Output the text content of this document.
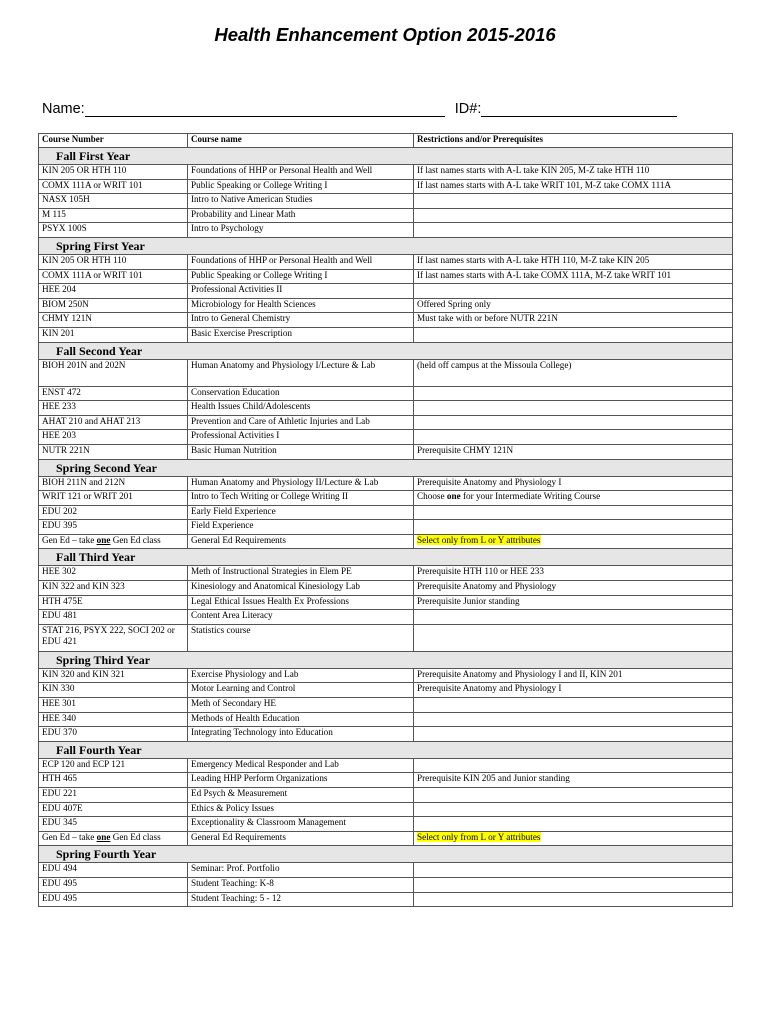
Health Enhancement Option 2015-2016
Name:	ID#:
Course Number	Course name	Restrictions and/or Prerequisites
Fall First Year		
KIN 205 OR HTH 110	Foundations of HHP or Personal Health and Well	If last names starts with A-L take KIN 205, M-Z take HTH 110
COMX 111A or WRIT 101	Public Speaking or College Writing I	If last names starts with A-L take WRIT 101, M-Z take COMX 111A
NASX 105H	Intro to Native American Studies	
M 115	Probability and Linear Math	
PSYX 100S	Intro to Psychology	
Spring First Year		
KIN 205 OR HTH 110	Foundations of HHP or Personal Health and Well	If last names starts with A-L take HTH 110, M-Z take KIN 205
COMX 111A or WRIT 101	Public Speaking or College Writing I	If last names starts with A-L take COMX 111A, M-Z take WRIT 101
HEE 204	Professional Activities II	
BIOM 250N	Microbiology for Health Sciences	Offered Spring only
CHMY 121N	Intro to General Chemistry	Must take with or before NUTR 221N
KIN 201	Basic Exercise Prescription	
Fall Second Year		
BIOH 201N and 202N	Human Anatomy and Physiology I/Lecture & Lab	(held off campus at the Missoula College)
ENST 472	Conservation Education	
HEE 233	Health Issues Child/Adolescents	
AHAT 210 and AHAT 213	Prevention and Care of Athletic Injuries and Lab	
HEE 203	Professional Activities I	
NUTR 221N	Basic Human Nutrition	Prerequisite CHMY 121N
Spring Second Year		
BIOH 211N and 212N	Human Anatomy and Physiology II/Lecture & Lab	Prerequisite Anatomy and Physiology I
WRIT 121 or WRIT 201	Intro to Tech Writing or College Writing II	Choose one for your Intermediate Writing Course
EDU 202	Early Field Experience	
EDU 395	Field Experience	
Gen Ed – take one Gen Ed class	General Ed Requirements	Select only from L or Y attributes
Fall Third Year		
HEE 302	Meth of Instructional Strategies in Elem PE	Prerequisite HTH 110 or HEE 233
KIN 322 and KIN 323	Kinesiology and Anatomical Kinesiology Lab	Prerequisite Anatomy and Physiology
HTH 475E	Legal Ethical Issues Health Ex Professions	Prerequisite Junior standing
EDU 481	Content Area Literacy	
STAT 216, PSYX 222, SOCI 202 or EDU 421	Statistics course	
Spring Third Year		
KIN 320 and KIN 321	Exercise Physiology and Lab	Prerequisite Anatomy and Physiology I and II, KIN 201
KIN 330	Motor Learning and Control	Prerequisite Anatomy and Physiology I
HEE 301	Meth of Secondary HE	
HEE 340	Methods of Health Education	
EDU 370	Integrating Technology into Education	
Fall Fourth Year		
ECP 120 and ECP 121	Emergency Medical Responder and Lab	
HTH 465	Leading HHP Perform Organizations	Prerequisite KIN 205 and Junior standing
EDU 221	Ed Psych & Measurement	
EDU 407E	Ethics & Policy Issues	
EDU 345	Exceptionality & Classroom Management	
Gen Ed – take one Gen Ed class	General Ed Requirements	Select only from L or Y attributes
Spring Fourth Year		
EDU 494	Seminar: Prof. Portfolio	
EDU 495	Student Teaching: K-8	
EDU 495	Student Teaching: 5 - 12	
